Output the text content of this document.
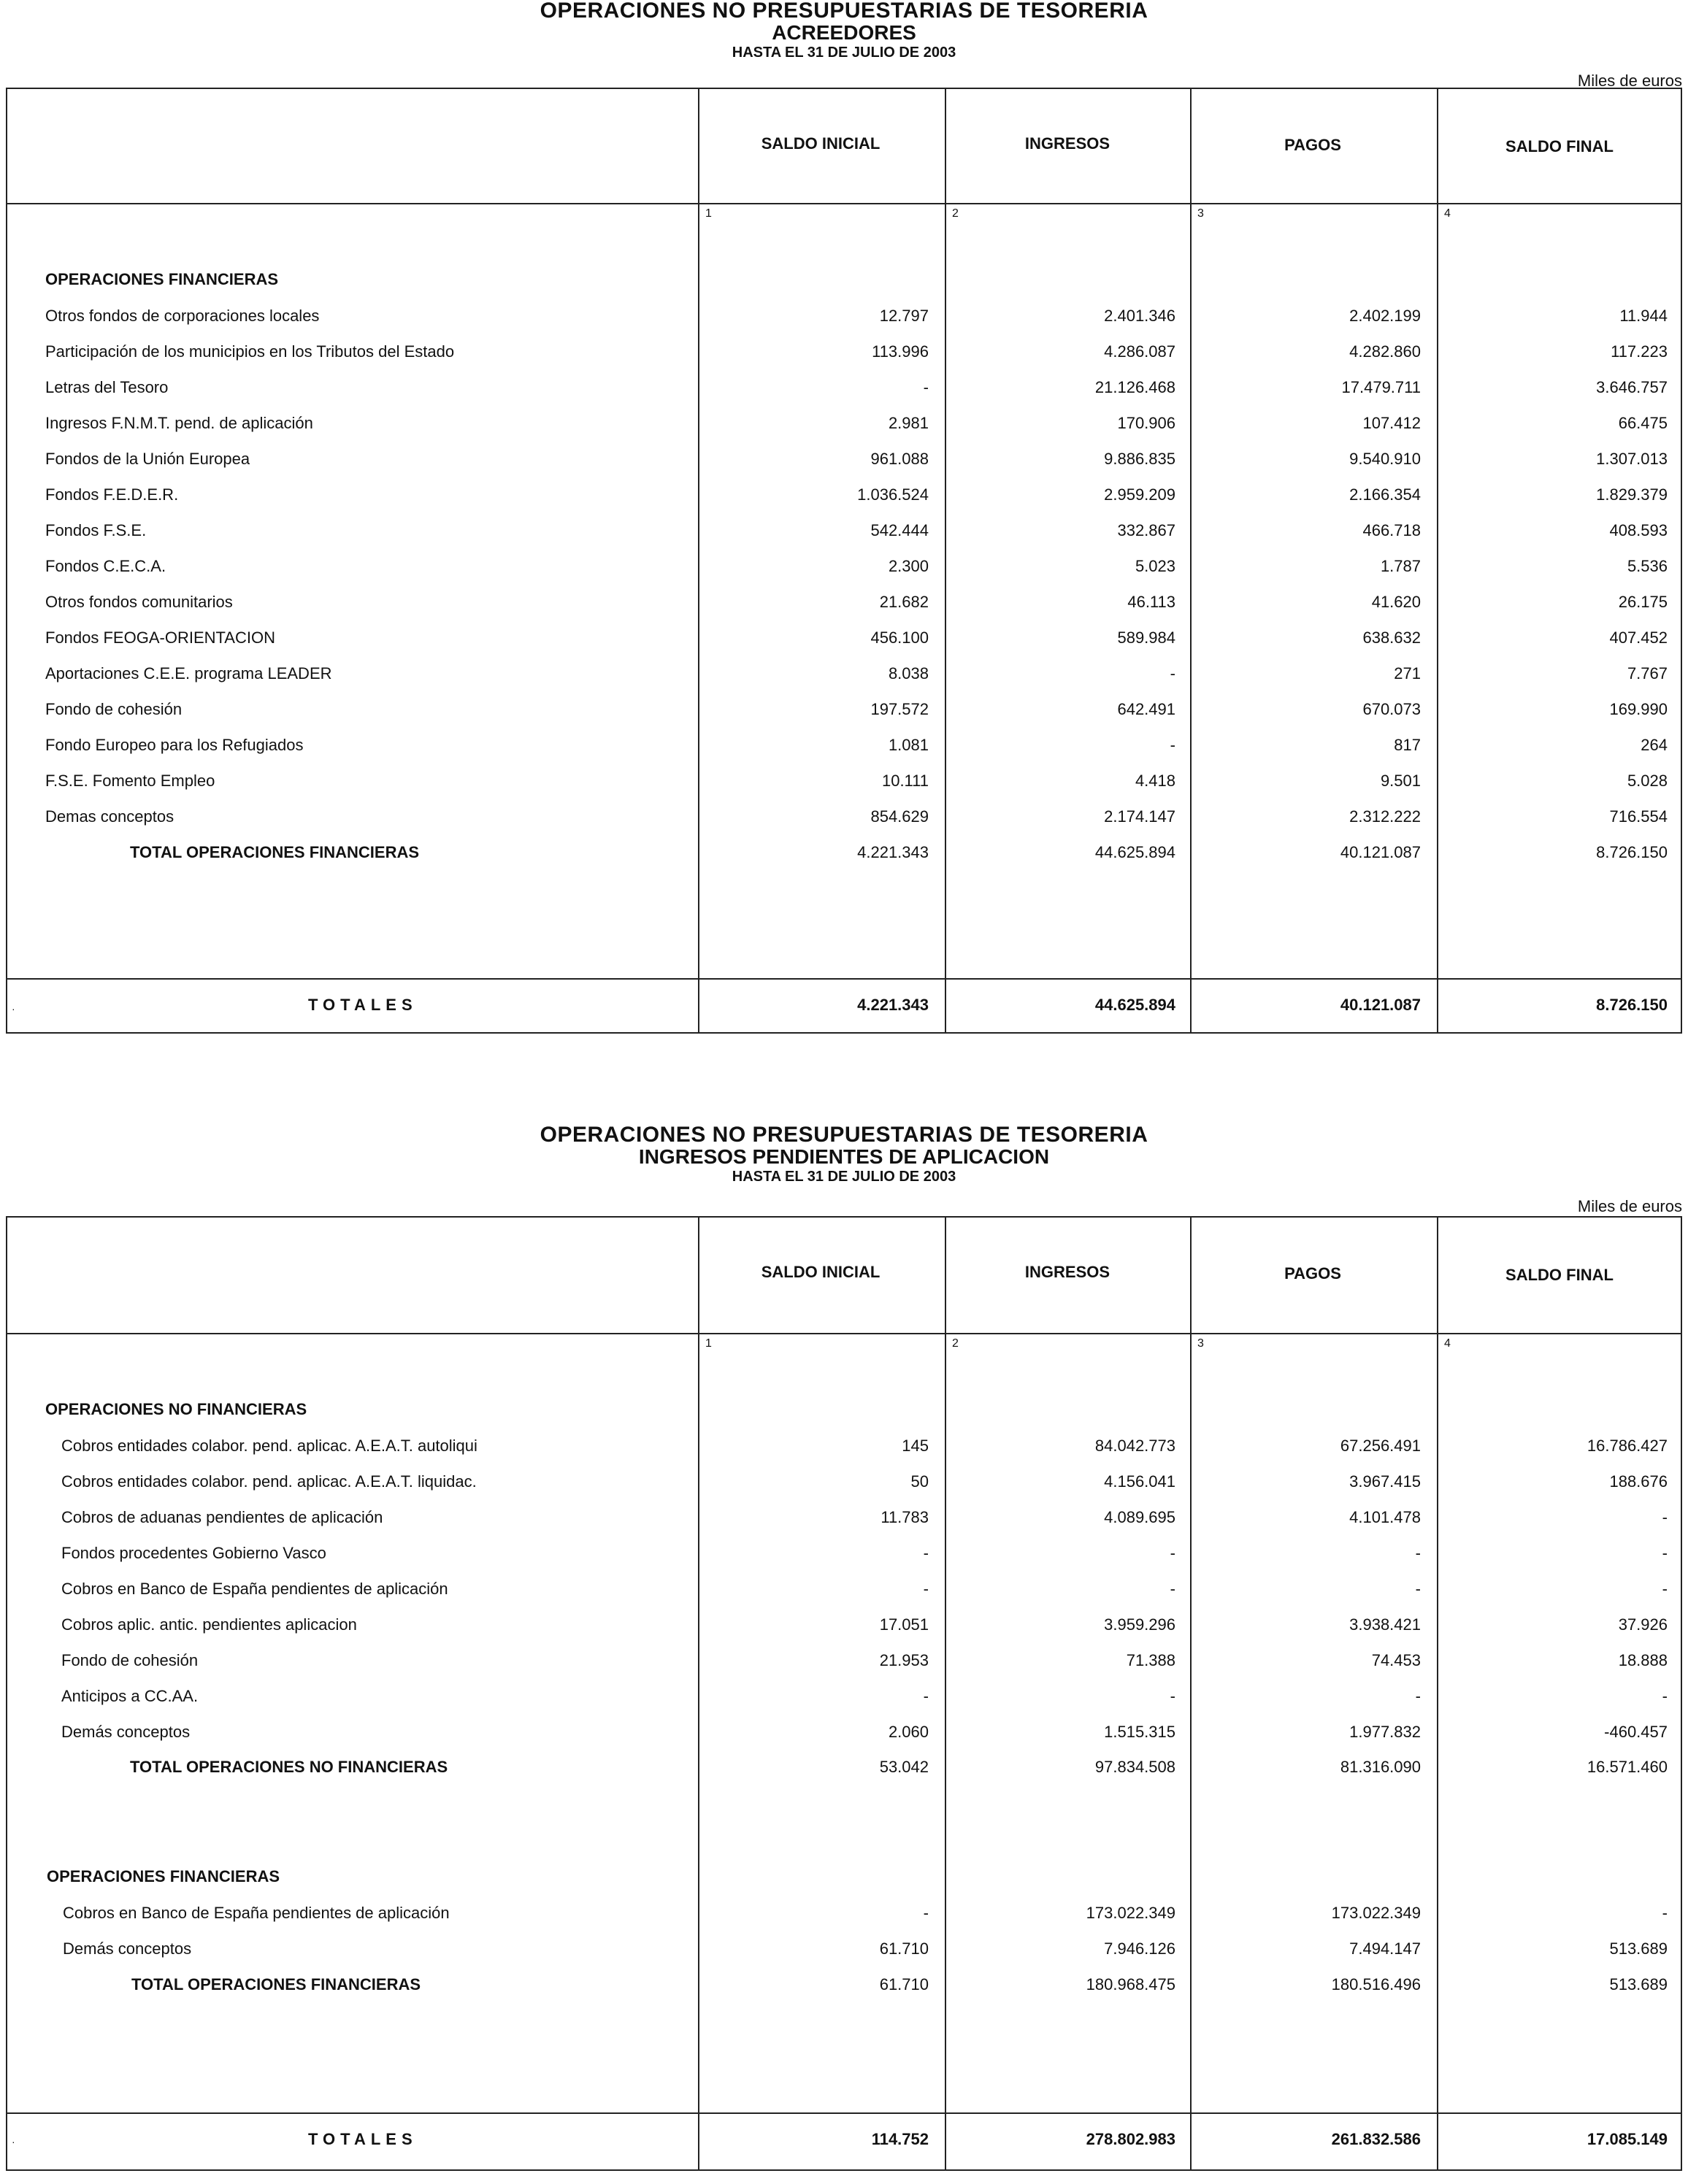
OPERACIONES NO PRESUPUESTARIAS DE TESORERIA
ACREEDORES
HASTA EL 31 DE JULIO DE 2003
Miles de euros
SALDO INICIAL	INGRESOS	PAGOS	SALDO FINAL
1	2	3	4
OPERACIONES FINANCIERAS
Otros fondos de corporaciones locales	12.797	2.401.346	2.402.199	11.944
Participación de los municipios en los Tributos del Estado	113.996	4.286.087	4.282.860	117.223
Letras del Tesoro	-	21.126.468	17.479.711	3.646.757
Ingresos F.N.M.T. pend. de aplicación	2.981	170.906	107.412	66.475
Fondos de la Unión Europea	961.088	9.886.835	9.540.910	1.307.013
Fondos F.E.D.E.R.	1.036.524	2.959.209	2.166.354	1.829.379
Fondos F.S.E.	542.444	332.867	466.718	408.593
Fondos C.E.C.A.	2.300	5.023	1.787	5.536
Otros fondos comunitarios	21.682	46.113	41.620	26.175
Fondos FEOGA-ORIENTACION	456.100	589.984	638.632	407.452
Aportaciones C.E.E. programa LEADER	8.038	-	271	7.767
Fondo de cohesión	197.572	642.491	670.073	169.990
Fondo Europeo para los Refugiados	1.081	-	817	264
F.S.E. Fomento Empleo	10.111	4.418	9.501	5.028
Demas conceptos	854.629	2.174.147	2.312.222	716.554
TOTAL OPERACIONES FINANCIERAS	4.221.343	44.625.894	40.121.087	8.726.150
·	TOTALES	4.221.343	44.625.894	40.121.087	8.726.150
OPERACIONES NO PRESUPUESTARIAS DE TESORERIA
INGRESOS PENDIENTES DE APLICACION
HASTA EL 31 DE JULIO DE 2003
Miles de euros
SALDO INICIAL	INGRESOS	PAGOS	SALDO FINAL
1	2	3	4
OPERACIONES NO FINANCIERAS
Cobros entidades colabor. pend. aplicac. A.E.A.T. autoliqui	145	84.042.773	67.256.491	16.786.427
Cobros entidades colabor. pend. aplicac. A.E.A.T. liquidac.	50	4.156.041	3.967.415	188.676
Cobros de aduanas pendientes de aplicación	11.783	4.089.695	4.101.478	-
Fondos procedentes Gobierno Vasco	-	-	-	-
Cobros en Banco de España pendientes de aplicación	-	-	-	-
Cobros aplic. antic. pendientes aplicacion	17.051	3.959.296	3.938.421	37.926
Fondo de cohesión	21.953	71.388	74.453	18.888
Anticipos a CC.AA.	-	-	-	-
Demás conceptos	2.060	1.515.315	1.977.832	-460.457
TOTAL OPERACIONES NO FINANCIERAS	53.042	97.834.508	81.316.090	16.571.460
OPERACIONES FINANCIERAS
Cobros en Banco de España pendientes de aplicación	-	173.022.349	173.022.349	-
Demás conceptos	61.710	7.946.126	7.494.147	513.689
TOTAL OPERACIONES FINANCIERAS	61.710	180.968.475	180.516.496	513.689
·	TOTALES	114.752	278.802.983	261.832.586	17.085.149
